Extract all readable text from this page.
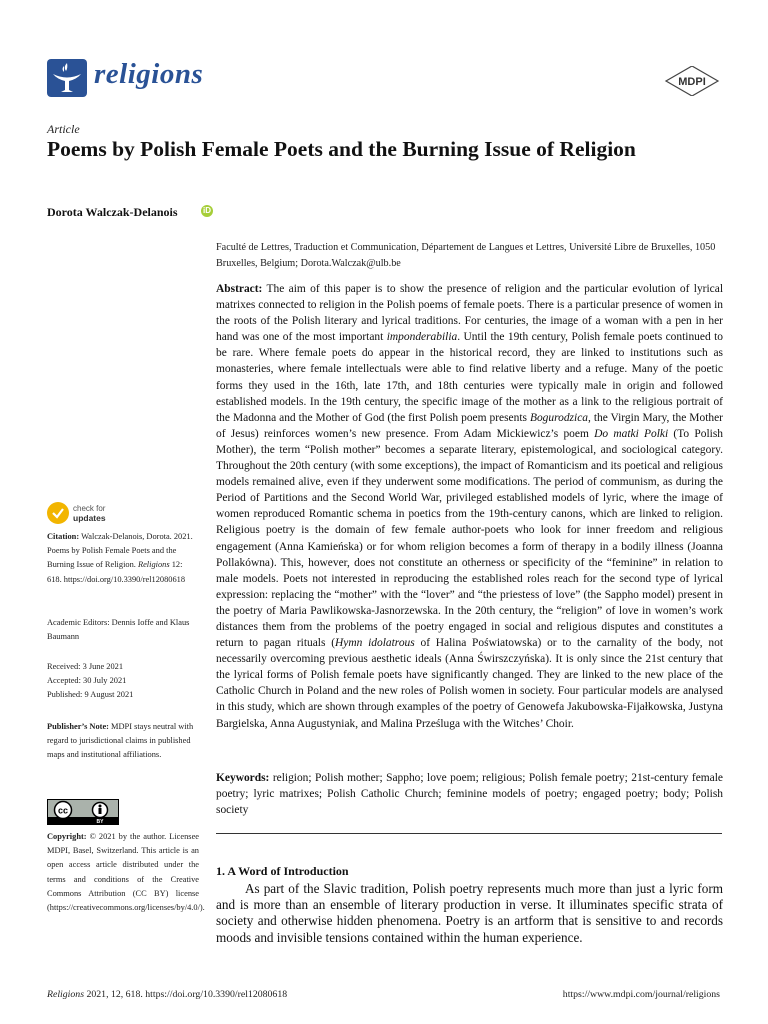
religions	MDPI
Article
Poems by Polish Female Poets and the Burning Issue of Religion
Dorota Walczak-Delanois	iD
Faculté de Lettres, Traduction et Communication, Département de Langues et Lettres, Université Libre de Bruxelles, 1050 Bruxelles, Belgium; Dorota.Walczak@ulb.be
Abstract: The aim of this paper is to show the presence of religion and the particular evolution of lyrical matrixes connected to religion in the Polish poems of female poets. There is a particular presence of women in the roots of the Polish literary and lyrical traditions. For centuries, the image of a woman with a pen in her hand was one of the most important imponderabilia. Until the 19th century, Polish female poets continued to be rare. Where female poets do appear in the historical record, they are linked to institutions such as monasteries, where female intellectuals were able to find relative liberty and a refuge. Many of the poetic forms they used in the 16th, late 17th, and 18th centuries were typically male in origin and followed established models. In the 19th century, the specific image of the mother as a link to the religious portrait of the Madonna and the Mother of God (the first Polish poem presents Bogurodzica, the Virgin Mary, the Mother of Jesus) reinforces women’s new presence. From Adam Mickiewicz’s poem Do matki Polki (To Polish Mother), the term “Polish mother” becomes a separate literary, epistemological, and sociological category. Throughout the 20th century (with some exceptions), the impact of Romanticism and its poetical and religious models remained alive, even if they underwent some modifications. The period of communism, as during the Period of Partitions and the Second World War, privileged established models of lyric, where the image of women reproduced Romantic schema in poetics from the 19th-century canons, which are linked to religion. Religious poetry is the domain of few female author-poets who look for inner freedom and religious engagement (Anna Kamieńska) or for whom religion becomes a form of therapy in a bodily illness (Joanna Pollakówna). This, however, does not constitute an otherness or specificity of the “feminine” in relation to male models. Poets not interested in reproducing the established roles reach for the second type of lyrical expression: replacing the “mother” with the “lover” and “the priestess of love” (the Sappho model) present in the poetry of Maria Pawlikowska-Jasnorzewska. In the 20th century, the “religion” of love in women’s work distances them from the problems of the poetry engaged in social and religious disputes and constitutes a return to pagan rituals (Hymn idolatrous of Halina Poświatowska) or to the carnality of the body, not necessarily overcoming previous aesthetic ideals (Anna Świrszczyńska). It is only since the 21st century that the lyrical forms of Polish female poets have significantly changed. They are linked to the new place of the Catholic Church in Poland and the new roles of Polish women in society. Four particular models are analysed in this study, which are shown through examples of the poetry of Genowefa Jakubowska-Fijałkowska, Justyna Bargielska, Anna Augustyniak, and Malina Prześluga with the Witches’ Choir.
Keywords: religion; Polish mother; Sappho; love poem; religious; Polish female poetry; 21st-century female poetry; lyric matrixes; Polish Catholic Church; feminine models of poetry; engaged poetry; body; Polish society
1. A Word of Introduction
As part of the Slavic tradition, Polish poetry represents much more than just a lyric form and is more than an ensemble of literary production in verse. It illuminates specific strata of society and otherwise hidden phenomena. Poetry is an artform that is sensitive to and records moods and invisible tensions contained within the human experience.
check for
updates
Citation: Walczak-Delanois, Dorota. 2021. Poems by Polish Female Poets and the Burning Issue of Religion. Religions 12: 618. https://doi.org/10.3390/rel12080618
Academic Editors: Dennis Ioffe and Klaus Baumann
Received: 3 June 2021
Accepted: 30 July 2021
Published: 9 August 2021
Publisher’s Note: MDPI stays neutral with regard to jurisdictional claims in published maps and institutional affiliations.
cc
BY
Copyright: © 2021 by the author. Licensee MDPI, Basel, Switzerland. This article is an open access article distributed under the terms and conditions of the Creative Commons Attribution (CC BY) license (https://creativecommons.org/licenses/by/4.0/).
Religions 2021, 12, 618. https://doi.org/10.3390/rel12080618	https://www.mdpi.com/journal/religions
